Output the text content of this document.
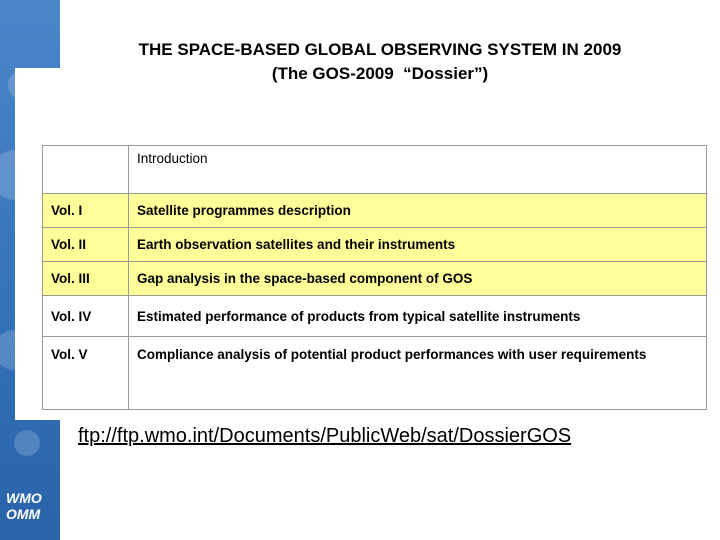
THE SPACE-BASED GLOBAL OBSERVING SYSTEM IN 2009
(The GOS-2009  “Dossier”)
	Introduction
Vol. I	Satellite programmes description
Vol. II	Earth observation satellites and their instruments
Vol. III	Gap analysis in the space-based component of GOS
Vol. IV	Estimated performance of products from typical satellite instruments
Vol. V	Compliance analysis of potential product performances with user requirements
ftp://ftp.wmo.int/Documents/PublicWeb/sat/DossierGOS
WMO
OMM
